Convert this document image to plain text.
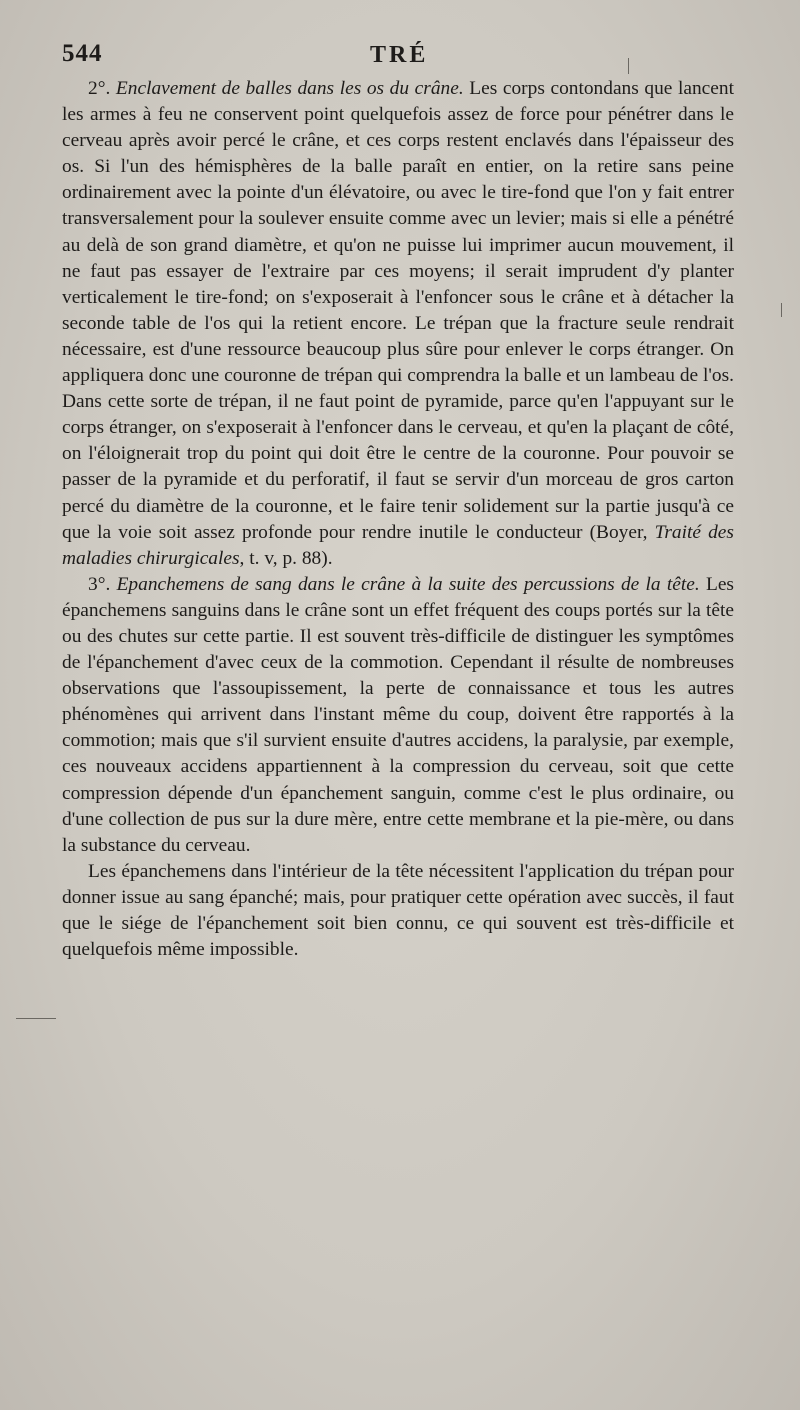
544	TRÉ

2°. Enclavement de balles dans les os du crâne. Les corps contondans que lancent les armes à feu ne conservent point quelquefois assez de force pour pénétrer dans le cerveau après avoir percé le crâne, et ces corps restent enclavés dans l'épaisseur des os. Si l'un des hémisphères de la balle paraît en entier, on la retire sans peine ordinairement avec la pointe d'un élévatoire, ou avec le tire-fond que l'on y fait entrer transversalement pour la soulever ensuite comme avec un levier; mais si elle a pénétré au delà de son grand diamètre, et qu'on ne puisse lui imprimer aucun mouvement, il ne faut pas essayer de l'extraire par ces moyens; il serait imprudent d'y planter verticalement le tire-fond; on s'exposerait à l'enfoncer sous le crâne et à détacher la seconde table de l'os qui la retient encore. Le trépan que la fracture seule rendrait nécessaire, est d'une ressource beaucoup plus sûre pour enlever le corps étranger. On appliquera donc une couronne de trépan qui comprendra la balle et un lambeau de l'os. Dans cette sorte de trépan, il ne faut point de pyramide, parce qu'en l'appuyant sur le corps étranger, on s'exposerait à l'enfoncer dans le cerveau, et qu'en la plaçant de côté, on l'éloignerait trop du point qui doit être le centre de la couronne. Pour pouvoir se passer de la pyramide et du perforatif, il faut se servir d'un morceau de gros carton percé du diamètre de la couronne, et le faire tenir solidement sur la partie jusqu'à ce que la voie soit assez profonde pour rendre inutile le conducteur (Boyer, Traité des maladies chirurgicales, t. v, p. 88).

3°. Epanchemens de sang dans le crâne à la suite des percussions de la tête. Les épanchemens sanguins dans le crâne sont un effet fréquent des coups portés sur la tête ou des chutes sur cette partie. Il est souvent très-difficile de distinguer les symptômes de l'épanchement d'avec ceux de la commotion. Cependant il résulte de nombreuses observations que l'assoupissement, la perte de connaissance et tous les autres phénomènes qui arrivent dans l'instant même du coup, doivent être rapportés à la commotion; mais que s'il survient ensuite d'autres accidens, la paralysie, par exemple, ces nouveaux accidens appartiennent à la compression du cerveau, soit que cette compression dépende d'un épanchement sanguin, comme c'est le plus ordinaire, ou d'une collection de pus sur la dure mère, entre cette membrane et la pie-mère, ou dans la substance du cerveau.

Les épanchemens dans l'intérieur de la tête nécessitent l'application du trépan pour donner issue au sang épanché; mais, pour pratiquer cette opération avec succès, il faut que le siége de l'épanchement soit bien connu, ce qui souvent est très-difficile et quelquefois même impossible.
